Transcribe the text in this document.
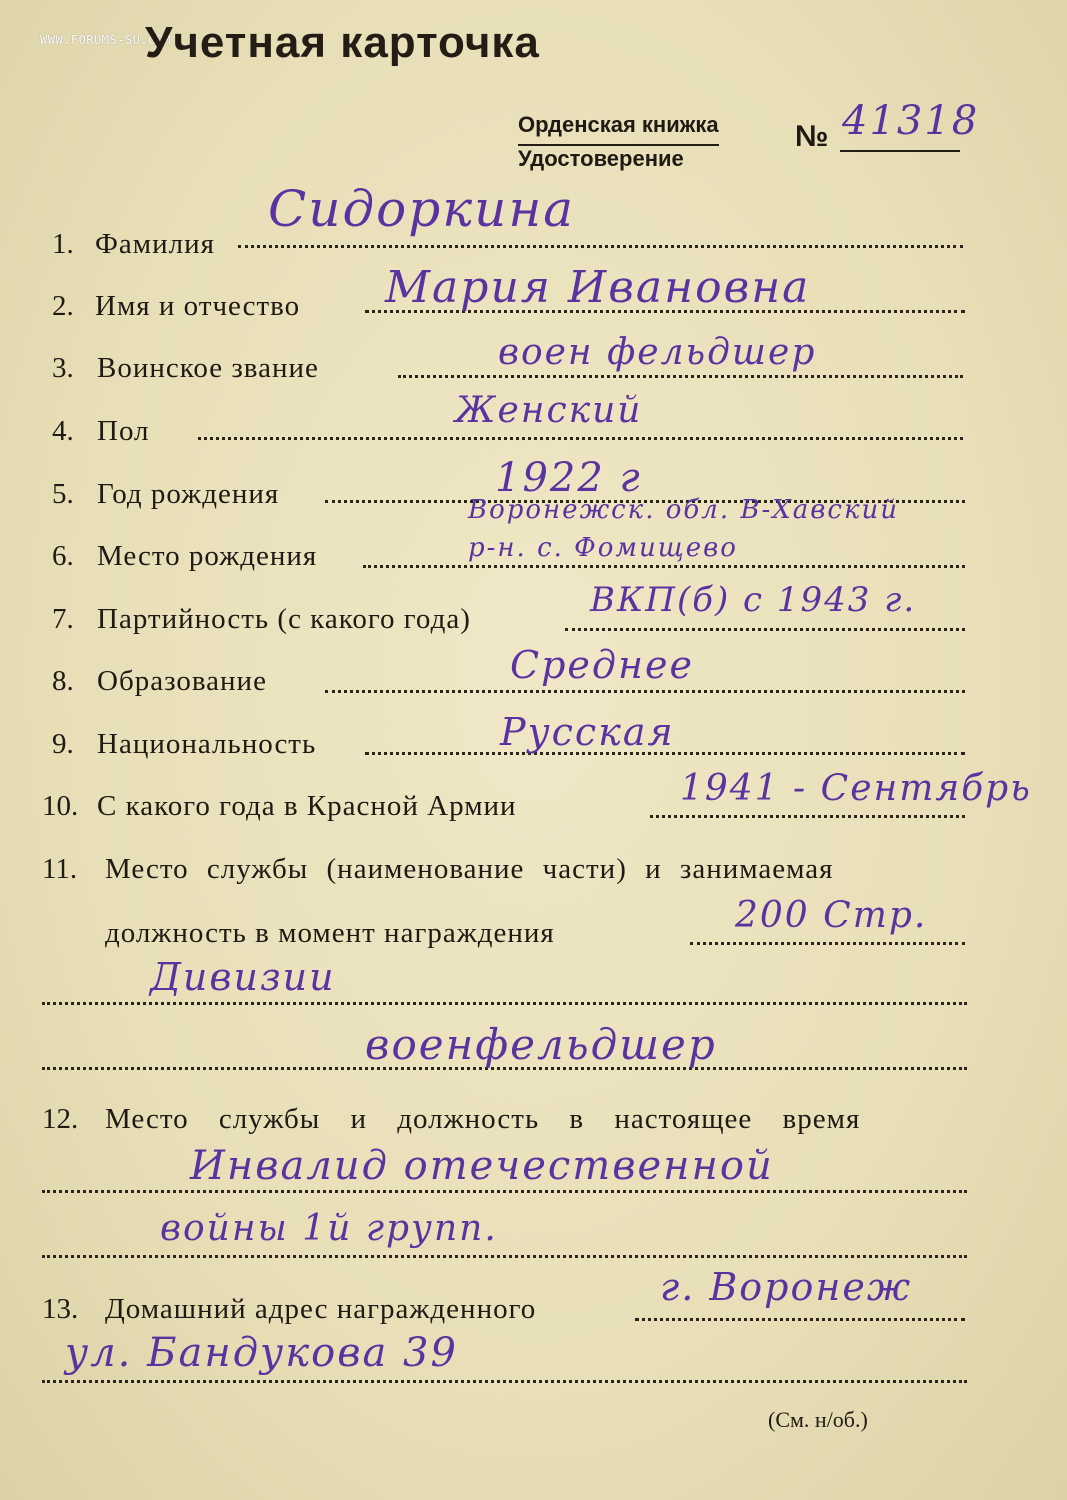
WWW.FORUMS-SU.COM
Учетная карточка
Орденская книжка
Удостоверение
№ 41318
1. Фамилия
Сидоркина
2. Имя и отчество Мария Ивановна
3. Воинское звание	воен фельдшер
4. Пол	Женский
5. Год рождения	1922 г
6. Место рождения
Воронежск. обл. В-Хавский
р-н. с. Фомищево
7. Партийность (с какого года)	ВКП(б) с 1943 г.
8. Образование	Среднее
9. Национальность	Русская
10. С какого года в Красной Армии	1941 - Сентябрь
11. Место службы (наименование части) и занимаемая
должность в момент награждения	200 Стр.
Дивизии
военфельдшер
12. Место службы и должность в настоящее время
Инвалид отечественной
войны 1й групп.
13. Домашний адрес награжденного	г. Воронеж
ул. Бандукова 39
(См. н/об.)
